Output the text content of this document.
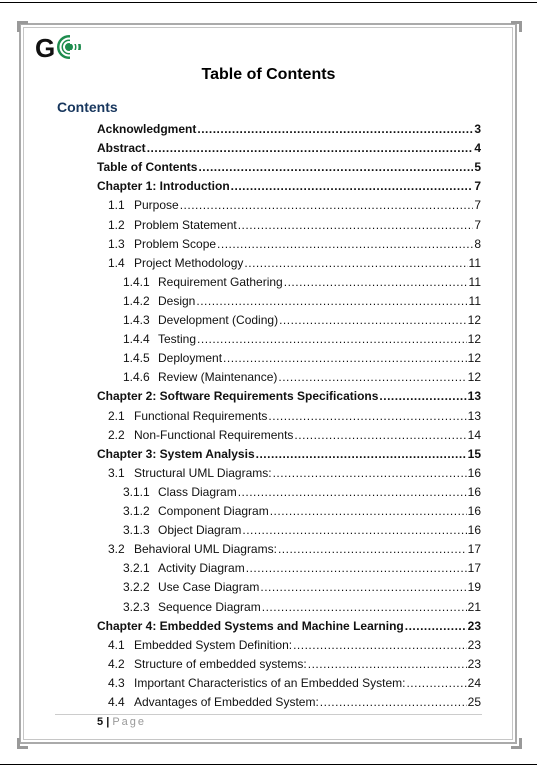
G
Table of Contents
Contents
Acknowledgment .....	3
Abstract .....	4
Table of Contents .....	5
Chapter 1: Introduction .....	7
1.1 Purpose .....	7
1.2 Problem Statement .....	7
1.3 Problem Scope .....	8
1.4 Project Methodology .....	11
1.4.1 Requirement Gathering .....	11
1.4.2 Design .....	11
1.4.3 Development (Coding) .....	12
1.4.4 Testing .....	12
1.4.5 Deployment .....	12
1.4.6 Review (Maintenance) .....	12
Chapter 2: Software Requirements Specifications .....	13
2.1 Functional Requirements .....	13
2.2 Non-Functional Requirements .....	14
Chapter 3: System Analysis .....	15
3.1 Structural UML Diagrams: .....	16
3.1.1 Class Diagram .....	16
3.1.2 Component Diagram .....	16
3.1.3 Object Diagram .....	16
3.2 Behavioral UML Diagrams: .....	17
3.2.1 Activity Diagram .....	17
3.2.2 Use Case Diagram .....	19
3.2.3 Sequence Diagram .....	21
Chapter 4: Embedded Systems and Machine Learning .....	23
4.1 Embedded System Definition: .....	23
4.2 Structure of embedded systems: .....	23
4.3 Important Characteristics of an Embedded System: .....	24
4.4 Advantages of Embedded System: .....	25
5 | Page
